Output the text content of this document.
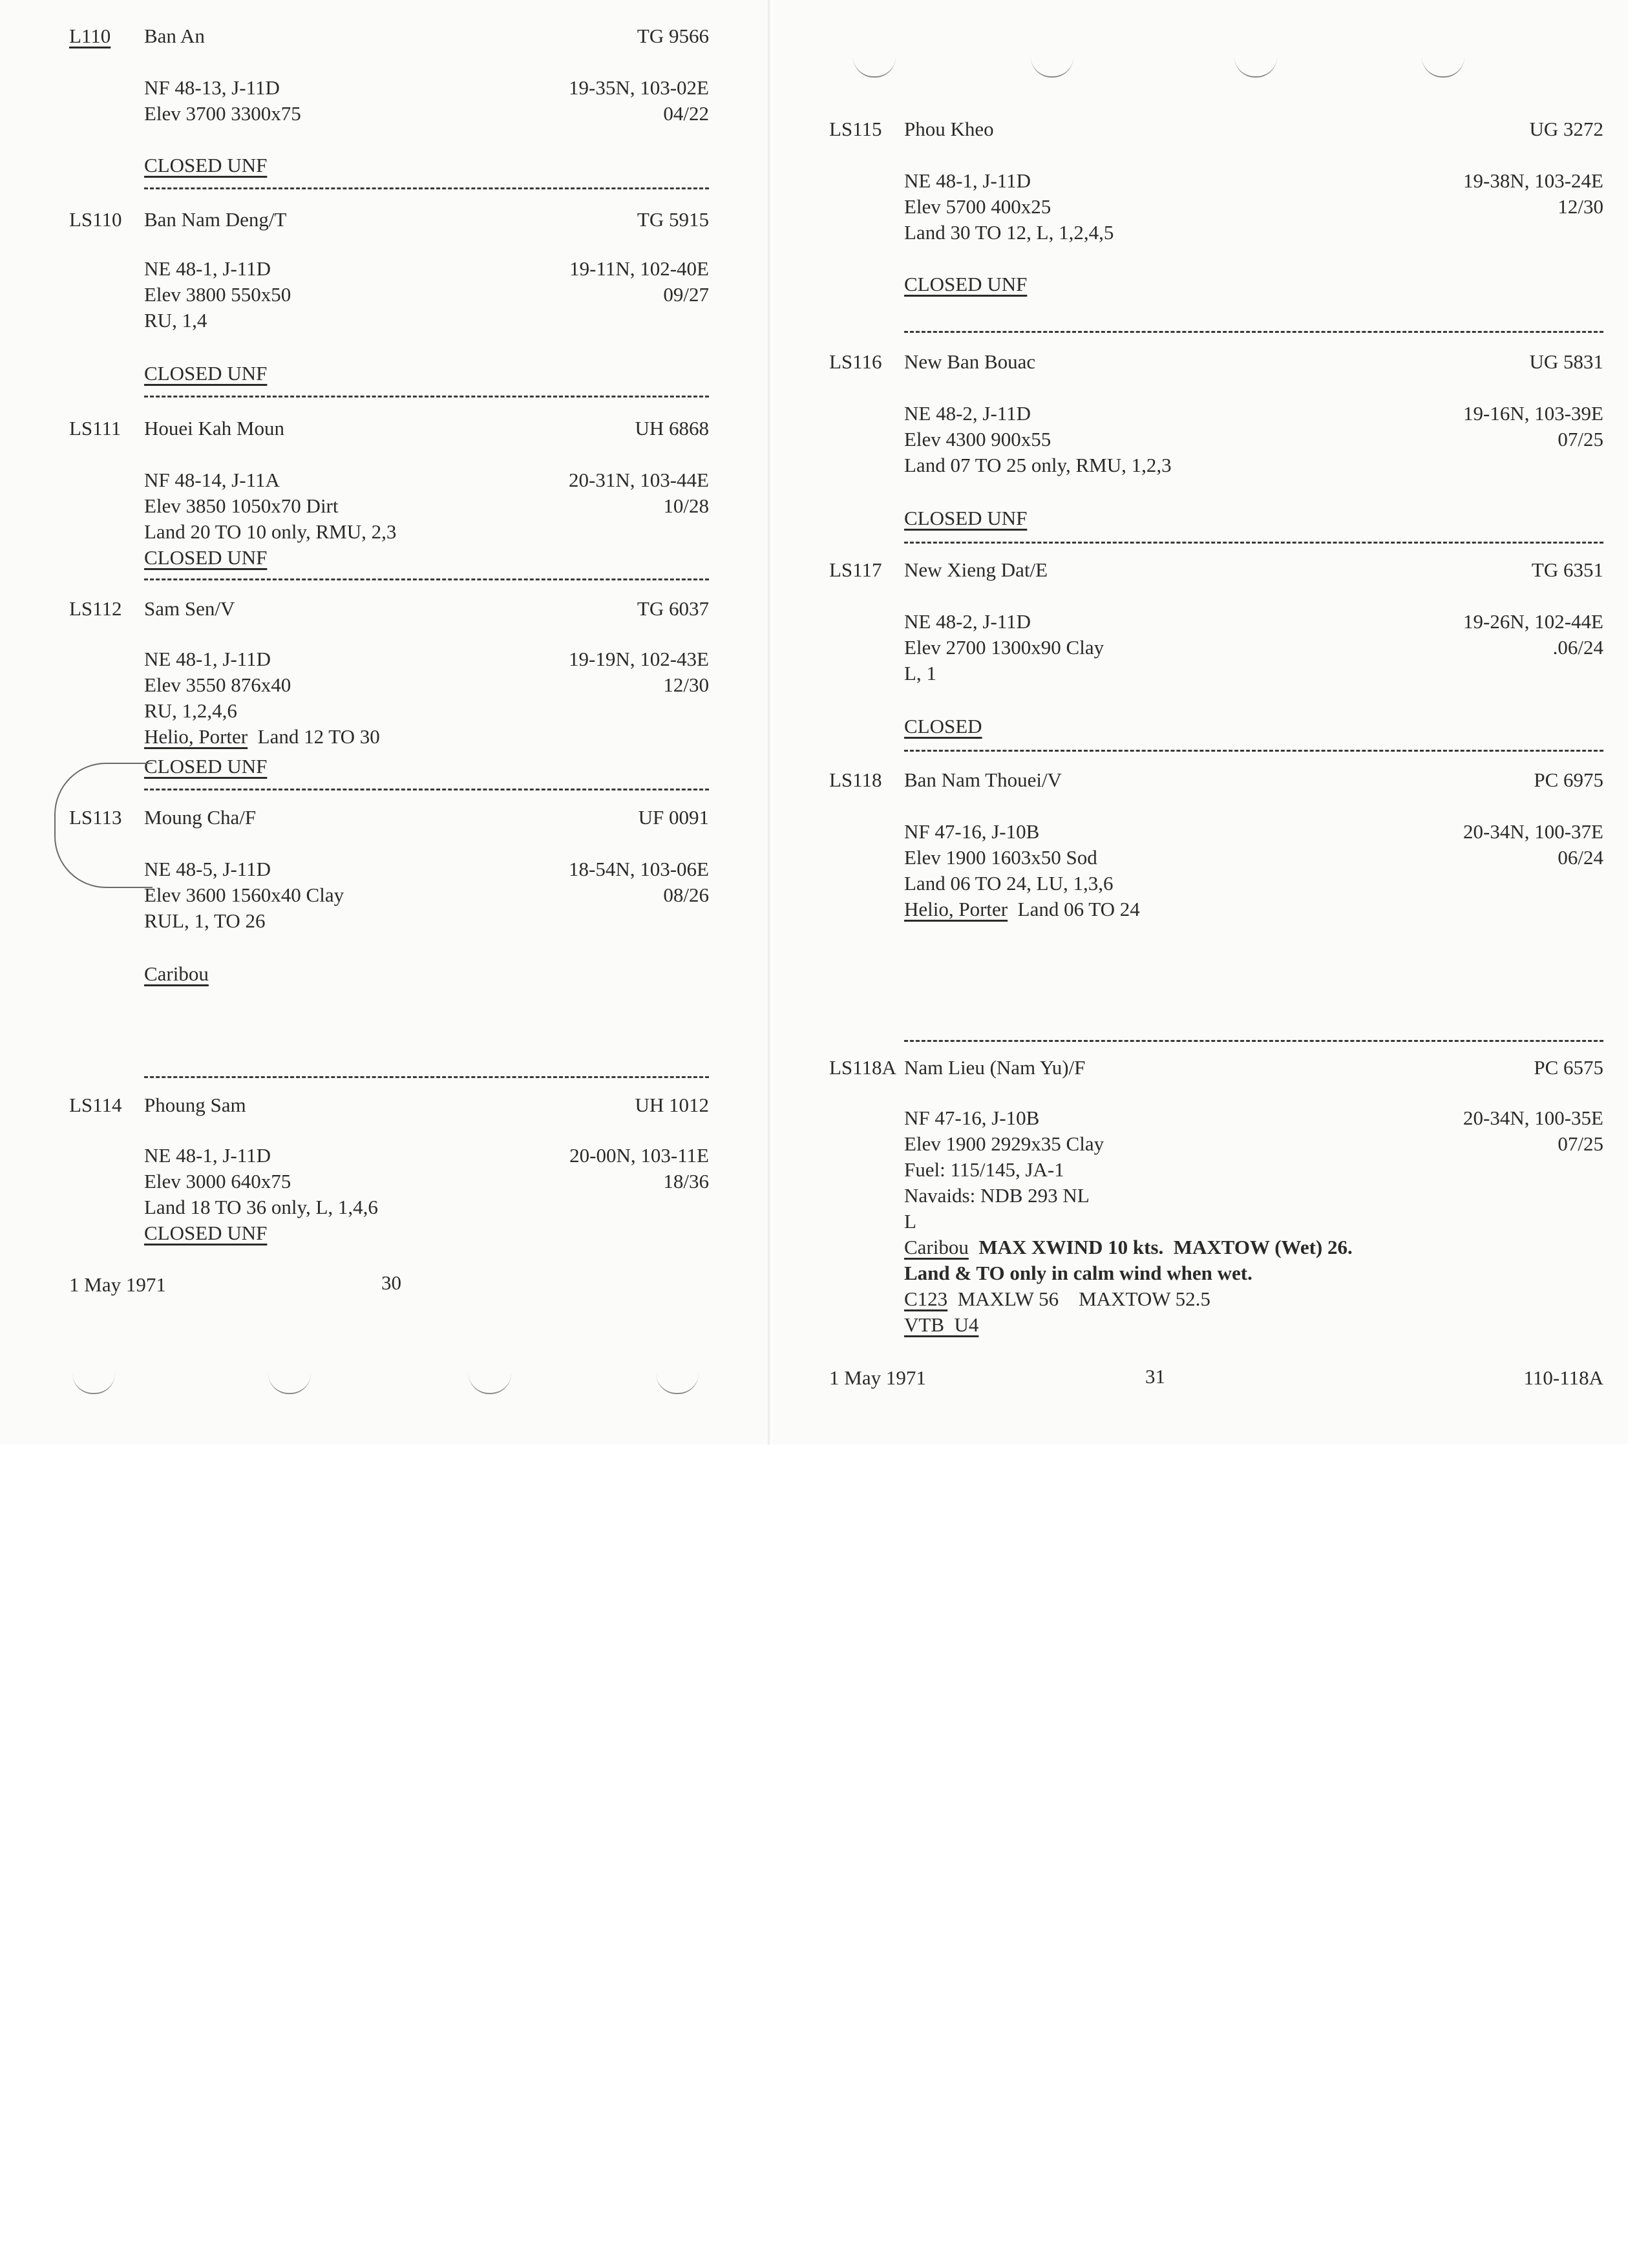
L110 Ban An	TG 9566
NF 48-13, J-11D	19-35N, 103-02E
Elev 3700 3300x75	04/22
CLOSED UNF
LS110 Ban Nam Deng/T	TG 5915
NE 48-1, J-11D	19-11N, 102-40E
Elev 3800 550x50	09/27
RU, 1,4
CLOSED UNF
LS111 Houei Kah Moun	UH 6868
NF 48-14, J-11A	20-31N, 103-44E
Elev 3850 1050x70 Dirt	10/28
Land 20 TO 10 only, RMU, 2,3
CLOSED UNF
LS112 Sam Sen/V	TG 6037
NE 48-1, J-11D	19-19N, 102-43E
Elev 3550 876x40	12/30
RU, 1,2,4,6
Helio, Porter  Land 12 TO 30
CLOSED UNF
LS113 Moung Cha/F	UF 0091
NE 48-5, J-11D	18-54N, 103-06E
Elev 3600 1560x40 Clay	08/26
RUL, 1, TO 26
Caribou
LS114 Phoung Sam	UH 1012
NE 48-1, J-11D	20-00N, 103-11E
Elev 3000 640x75	18/36
Land 18 TO 36 only, L, 1,4,6
CLOSED UNF
1 May 1971	30
LS115 Phou Kheo	UG 3272
NE 48-1, J-11D	19-38N, 103-24E
Elev 5700 400x25	12/30
Land 30 TO 12, L, 1,2,4,5
CLOSED UNF
LS116 New Ban Bouac	UG 5831
NE 48-2, J-11D	19-16N, 103-39E
Elev 4300 900x55	07/25
Land 07 TO 25 only, RMU, 1,2,3
CLOSED UNF
LS117 New Xieng Dat/E	TG 6351
NE 48-2, J-11D	19-26N, 102-44E
Elev 2700 1300x90 Clay	.06/24
L, 1
CLOSED
LS118 Ban Nam Thouei/V	PC 6975
NF 47-16, J-10B	20-34N, 100-37E
Elev 1900 1603x50 Sod	06/24
Land 06 TO 24, LU, 1,3,6
Helio, Porter  Land 06 TO 24
LS118A Nam Lieu (Nam Yu)/F	PC 6575
NF 47-16, J-10B	20-34N, 100-35E
Elev 1900 2929x35 Clay	07/25
Fuel: 115/145, JA-1
Navaids: NDB 293 NL
L
Caribou  MAX XWIND 10 kts.  MAXTOW (Wet) 26.
Land & TO only in calm wind when wet.
C123  MAXLW 56    MAXTOW 52.5
VTB  U4
1 May 1971	31	110-118A
